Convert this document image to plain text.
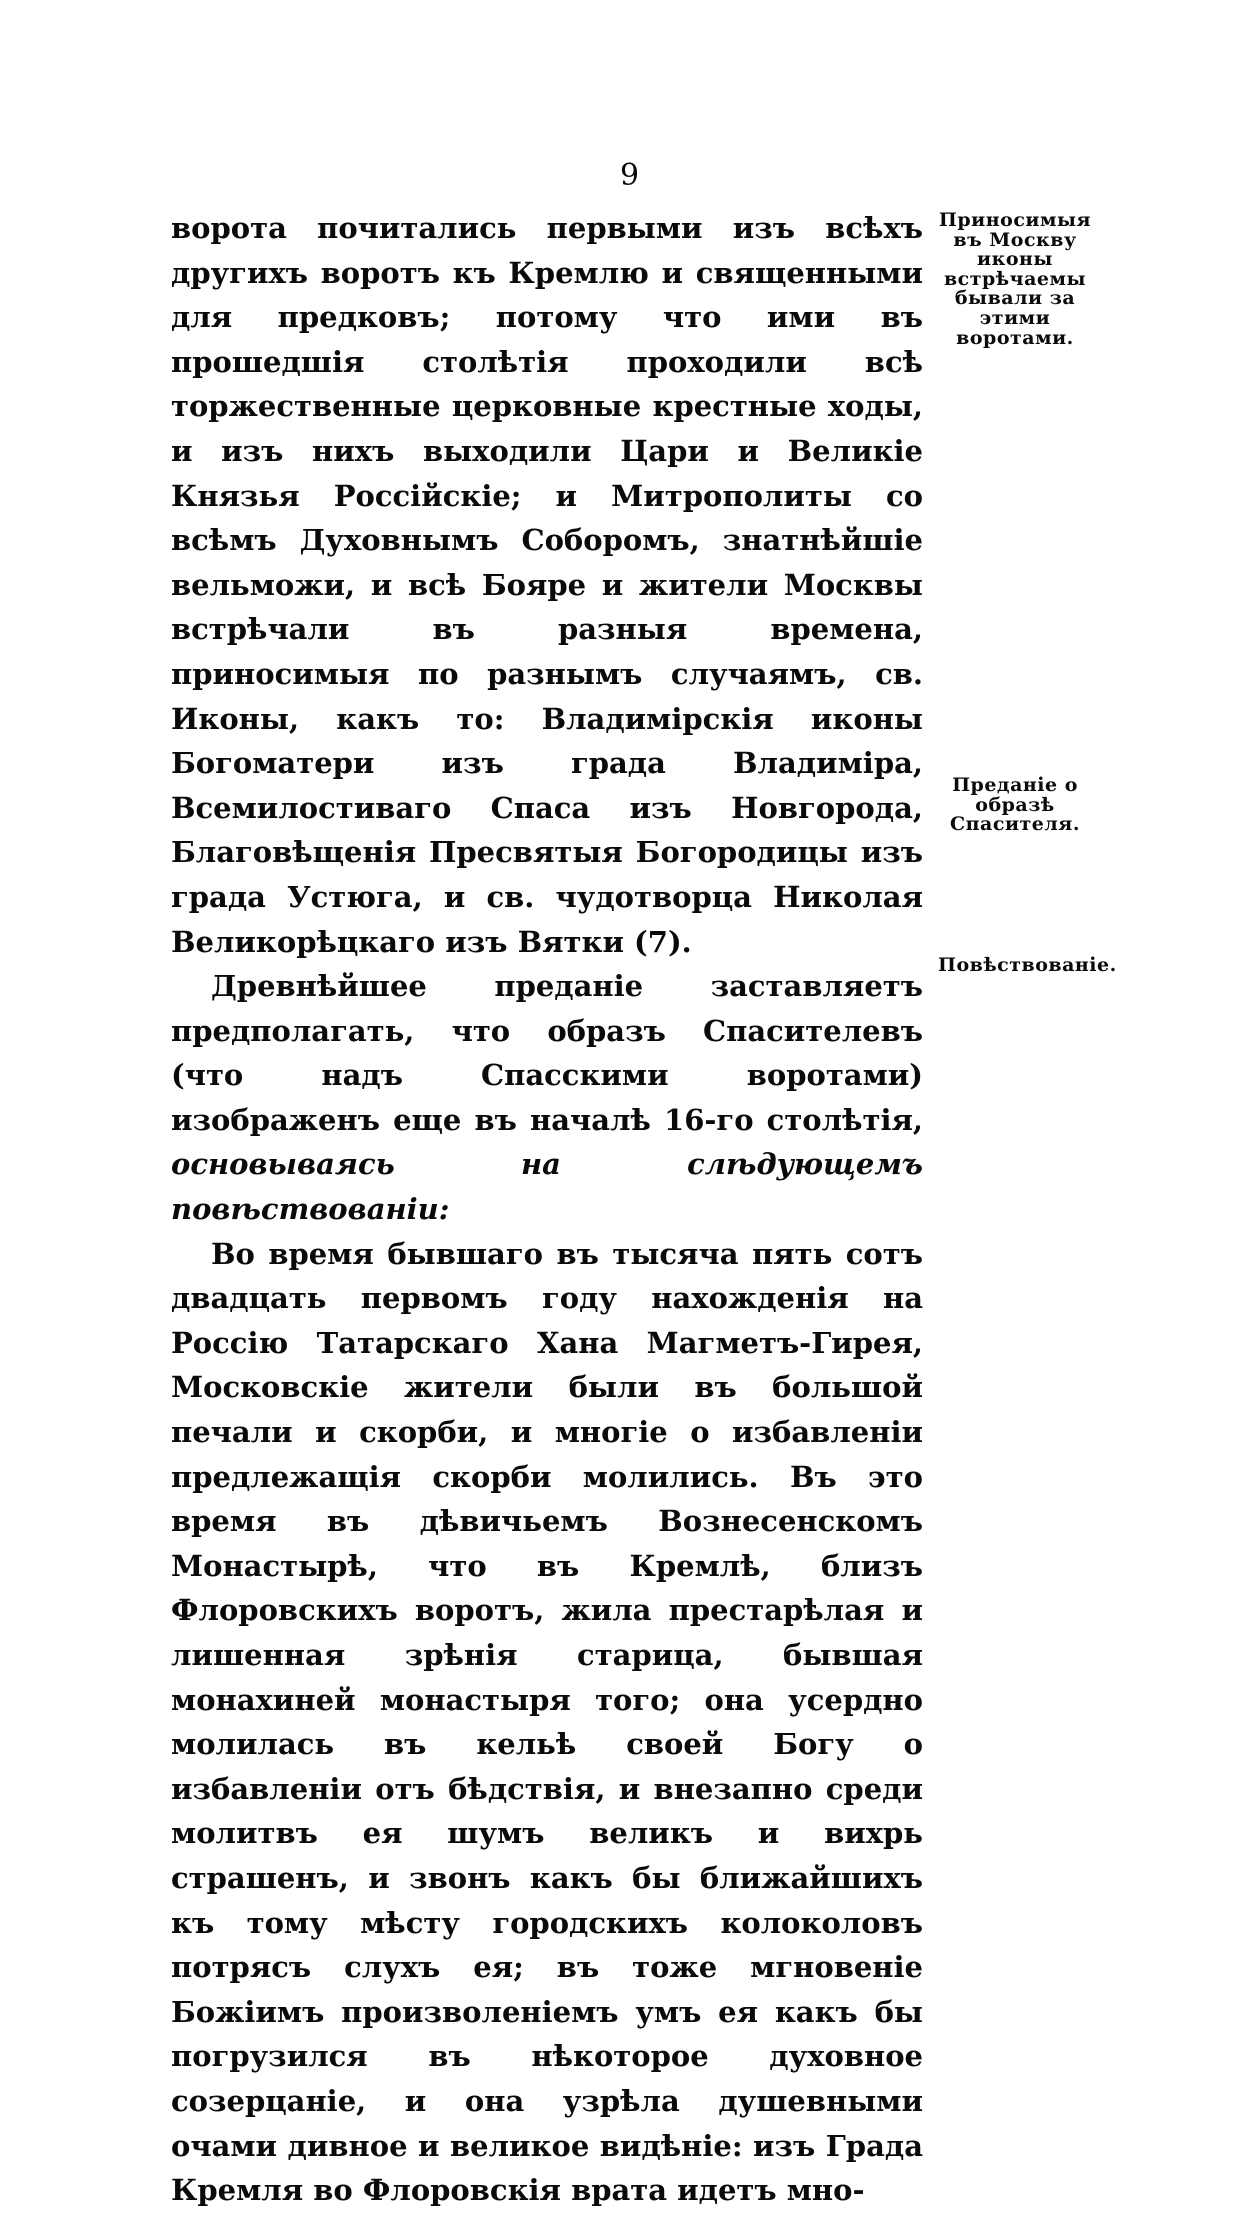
9

ворота почитались первыми изъ всѣхъ другихъ воротъ къ Кремлю и священными для предковъ; потому что ими въ прошедшія столѣтія проходили всѣ торжественные церковные крестные ходы, и изъ нихъ выходили Цари и Великіе Князья Россійскіе; и Митрополиты со всѣмъ Духовнымъ Соборомъ, знатнѣйшіе вельможи, и всѣ Бояре и жители Москвы встрѣчали въ разныя времена, приносимыя по разнымъ случаямъ, св. Иконы, какъ то: Владимірскія иконы Богоматери изъ града Владиміра, Всемилостиваго Спаса изъ Новгорода, Благовѣщенія Пресвятыя Богородицы изъ града Устюга, и св. чудотворца Николая Великорѣцкаго изъ Вятки (7).

Древнѣйшее преданіе заставляетъ предполагать, что образъ Спасителевъ (что надъ Спасскими воротами) изображенъ еще въ началѣ 16-го столѣтія, основываясь на слѣдующемъ повѣствованіи:

Во время бывшаго въ тысяча пять сотъ двадцать первомъ году нахожденія на Россію Татарскаго Хана Магметъ-Гирея, Московскіе жители были въ большой печали и скорби, и многіе о избавленіи предлежащія скорби молились. Въ это время въ дѣвичьемъ Вознесенскомъ Монастырѣ, что въ Кремлѣ, близъ Флоровскихъ воротъ, жила престарѣлая и лишенная зрѣнія старица, бывшая монахиней монастыря того; она усердно молилась въ кельѣ своей Богу о избавленіи отъ бѣдствія, и внезапно среди молитвъ ея шумъ великъ и вихрь страшенъ, и звонъ какъ бы ближайшихъ къ тому мѣсту городскихъ колоколовъ потрясъ слухъ ея; въ тоже мгновеніе Божіимъ произволеніемъ умъ ея какъ бы погрузился въ нѣкоторое духовное созерцаніе, и она узрѣла душевными очами дивное и великое видѣніе: изъ Града Кремля во Флоровскія врата идетъ мно-

Приносимыя въ Москву иконы встрѣчаемы бывали за этими воротами.
Преданіе о образѣ Спасителя.
Повѣствованіе.
